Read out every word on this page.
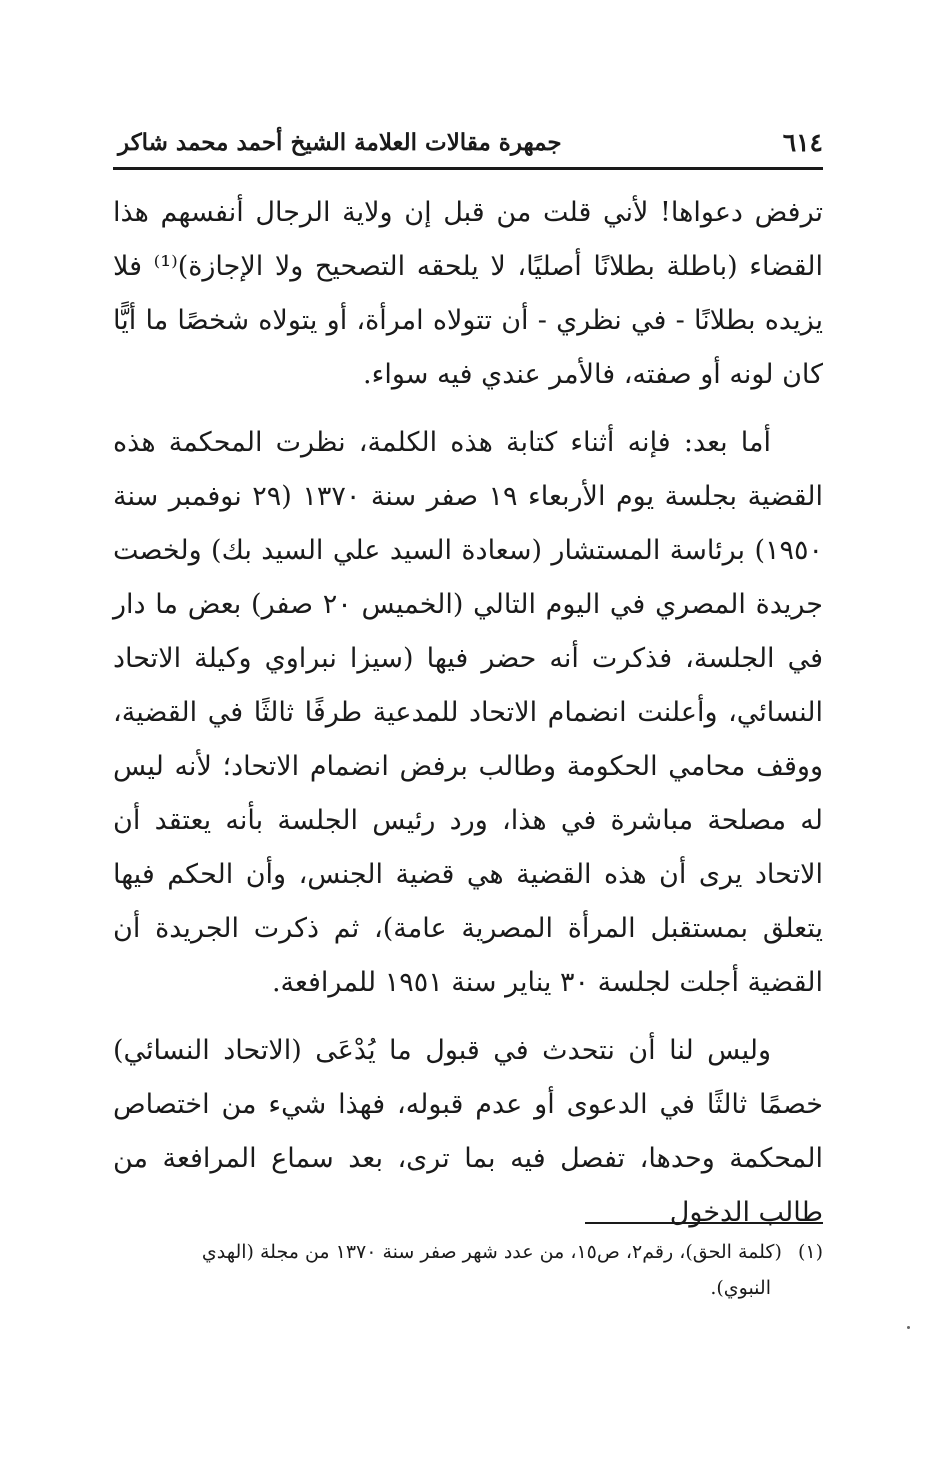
٦١٤
جمهرة مقالات العلامة الشيخ أحمد محمد شاكر

ترفض دعواها! لأني قلت من قبل إن ولاية الرجال أنفسهم هذا القضاء (باطلة بطلانًا أصليًا، لا يلحقه التصحيح ولا الإجازة)⁽¹⁾ فلا يزيده بطلانًا - في نظري - أن تتولاه امرأة، أو يتولاه شخصًا ما أيًّا كان لونه أو صفته، فالأمر عندي فيه سواء.

أما بعد: فإنه أثناء كتابة هذه الكلمة، نظرت المحكمة هذه القضية بجلسة يوم الأربعاء ١٩ صفر سنة ١٣٧٠ (٢٩ نوفمبر سنة ١٩٥٠) برئاسة المستشار (سعادة السيد علي السيد بك) ولخصت جريدة المصري في اليوم التالي (الخميس ٢٠ صفر) بعض ما دار في الجلسة، فذكرت أنه حضر فيها (سيزا نبراوي وكيلة الاتحاد النسائي، وأعلنت انضمام الاتحاد للمدعية طرفًا ثالثًا في القضية، ووقف محامي الحكومة وطالب برفض انضمام الاتحاد؛ لأنه ليس له مصلحة مباشرة في هذا، ورد رئيس الجلسة بأنه يعتقد أن الاتحاد يرى أن هذه القضية هي قضية الجنس، وأن الحكم فيها يتعلق بمستقبل المرأة المصرية عامة)، ثم ذكرت الجريدة أن القضية أجلت لجلسة ٣٠ يناير سنة ١٩٥١ للمرافعة.

وليس لنا أن نتحدث في قبول ما يُدْعَى (الاتحاد النسائي) خصمًا ثالثًا في الدعوى أو عدم قبوله، فهذا شيء من اختصاص المحكمة وحدها، تفصل فيه بما ترى، بعد سماع المرافعة من طالب الدخول

(١) (كلمة الحق)، رقم٢، ص١٥، من عدد شهر صفر سنة ١٣٧٠ من مجلة (الهدي
النبوي).
